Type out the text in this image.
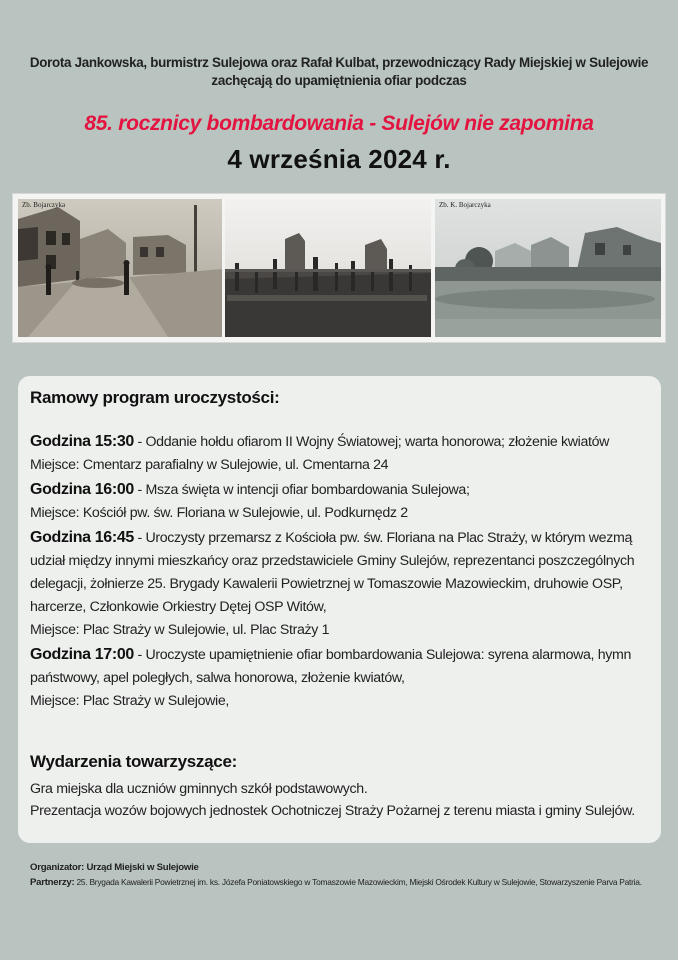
Dorota Jankowska, burmistrz Sulejowa oraz Rafał Kulbat, przewodniczący Rady Miejskiej w Sulejowie
zachęcają do upamiętnienia ofiar podczas
85. rocznicy bombardowania - Sulejów nie zapomina
4 września 2024 r.
Zb. Bojarczyka	Zb. K. Bojarczyka
Ramowy program uroczystości:
Godzina 15:30 - Oddanie hołdu ofiarom II Wojny Światowej; warta honorowa; złożenie kwiatów
Miejsce: Cmentarz parafialny w Sulejowie, ul. Cmentarna 24
Godzina 16:00 - Msza święta w intencji ofiar bombardowania Sulejowa;
Miejsce: Kościół pw. św. Floriana w Sulejowie, ul. Podkurnędz 2
Godzina 16:45 - Uroczysty przemarsz z Kościoła pw. św. Floriana na Plac Straży, w którym wezmą udział między innymi mieszkańcy oraz przedstawiciele Gminy Sulejów, reprezentanci poszczególnych delegacji, żołnierze 25. Brygady Kawalerii Powietrznej w Tomaszowie Mazowieckim, druhowie OSP, harcerze, Członkowie Orkiestry Dętej OSP Witów,
Miejsce: Plac Straży w Sulejowie, ul. Plac Straży 1
Godzina 17:00 - Uroczyste upamiętnienie ofiar bombardowania Sulejowa: syrena alarmowa, hymn państwowy, apel poległych, salwa honorowa, złożenie kwiatów,
Miejsce: Plac Straży w Sulejowie,
Wydarzenia towarzyszące:
Gra miejska dla uczniów gminnych szkół podstawowych.
Prezentacja wozów bojowych jednostek Ochotniczej Straży Pożarnej z terenu miasta i gminy Sulejów.
Organizator: Urząd Miejski w Sulejowie
Partnerzy: 25. Brygada Kawalerii Powietrznej im. ks. Józefa Poniatowskiego w Tomaszowie Mazowieckim, Miejski Ośrodek Kultury w Sulejowie, Stowarzyszenie Parva Patria.
